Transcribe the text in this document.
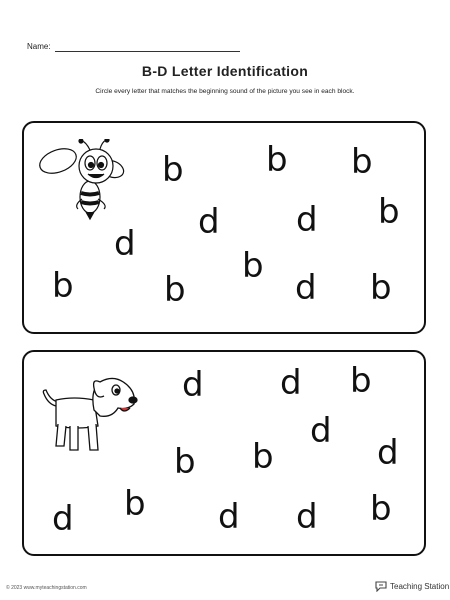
Name:
B-D Letter Identification
Circle every letter that matches the beginning sound of the picture you see in each block.
b b b
d d b
d
b	b
b
d b
d d b
b b
d
d
d b d d b
© 2023 www.myteachingstation.com	Teaching Station
